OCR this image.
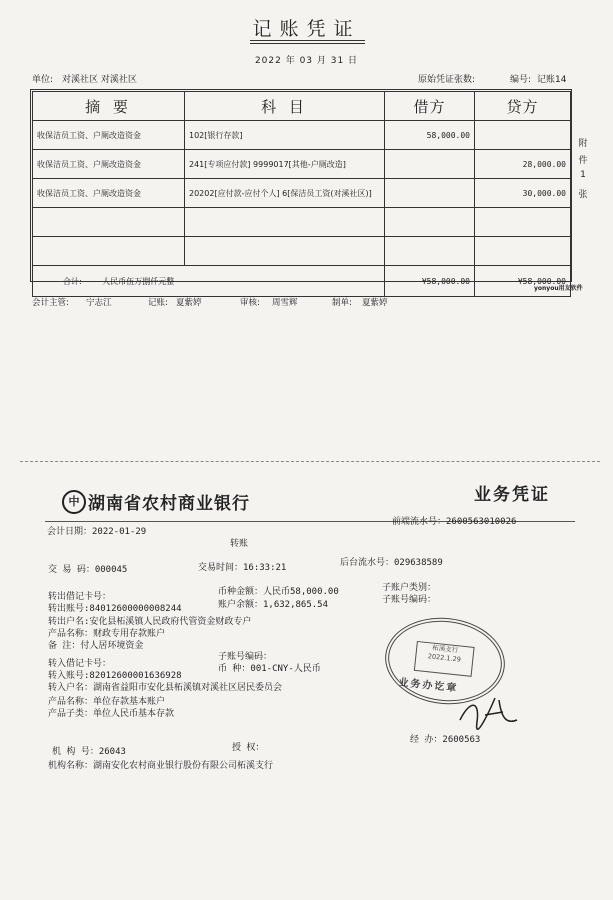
记账凭证
2022 年 03 月 31 日
单位: 对溪社区 对溪社区	原始凭证张数:	编号: 记账14
摘 要	科 目	借方	贷方
收保洁员工资、户厕改造资金	102[银行存款]	58,000.00	
收保洁员工资、户厕改造资金	241[专项应付款] 9999017[其他-户厕改造]		28,000.00
收保洁员工资、户厕改造资金	20202[应付款-应付个人] 6[保洁员工资(对溪社区)]		30,000.00

合计: 人民币伍万捌仟元整		¥58,000.00	¥58,000.00
附
件
1
张
yonyou用友软件
会计主管: 宁志江	记账: 夏紫婷	审核: 周雪辉	制单: 夏紫婷
中 湖南省农村商业银行	业务凭证
会计日期：2022-01-29
前端流水号：2600563010026
转账
交 易 码：000045	交易时间：16:33:21	后台流水号：029638589
转出借记卡号：	币种金额：人民币58,000.00	子账户类别：
转出账号:84012600000008244	账户余额：1,632,865.54	子账号编码：
转出户名:安化县柘溪镇人民政府代管资金财政专户
产品名称：财政专用存款账户
备 注：付人居环境资金
转入借记卡号：
子账号编码：
转入账号:82012600001636928
币 种：001-CNY-人民币
转入户名：湖南省益阳市安化县柘溪镇对溪社区居民委员会
产品名称：单位存款基本账户
产品子类：单位人民币基本存款
机 构 号：26043	授 权：
经 办：2600563
机构名称：湖南安化农村商业银行股份有限公司柘溪支行
柘溪支行
2022.1.29
业务办讫章
